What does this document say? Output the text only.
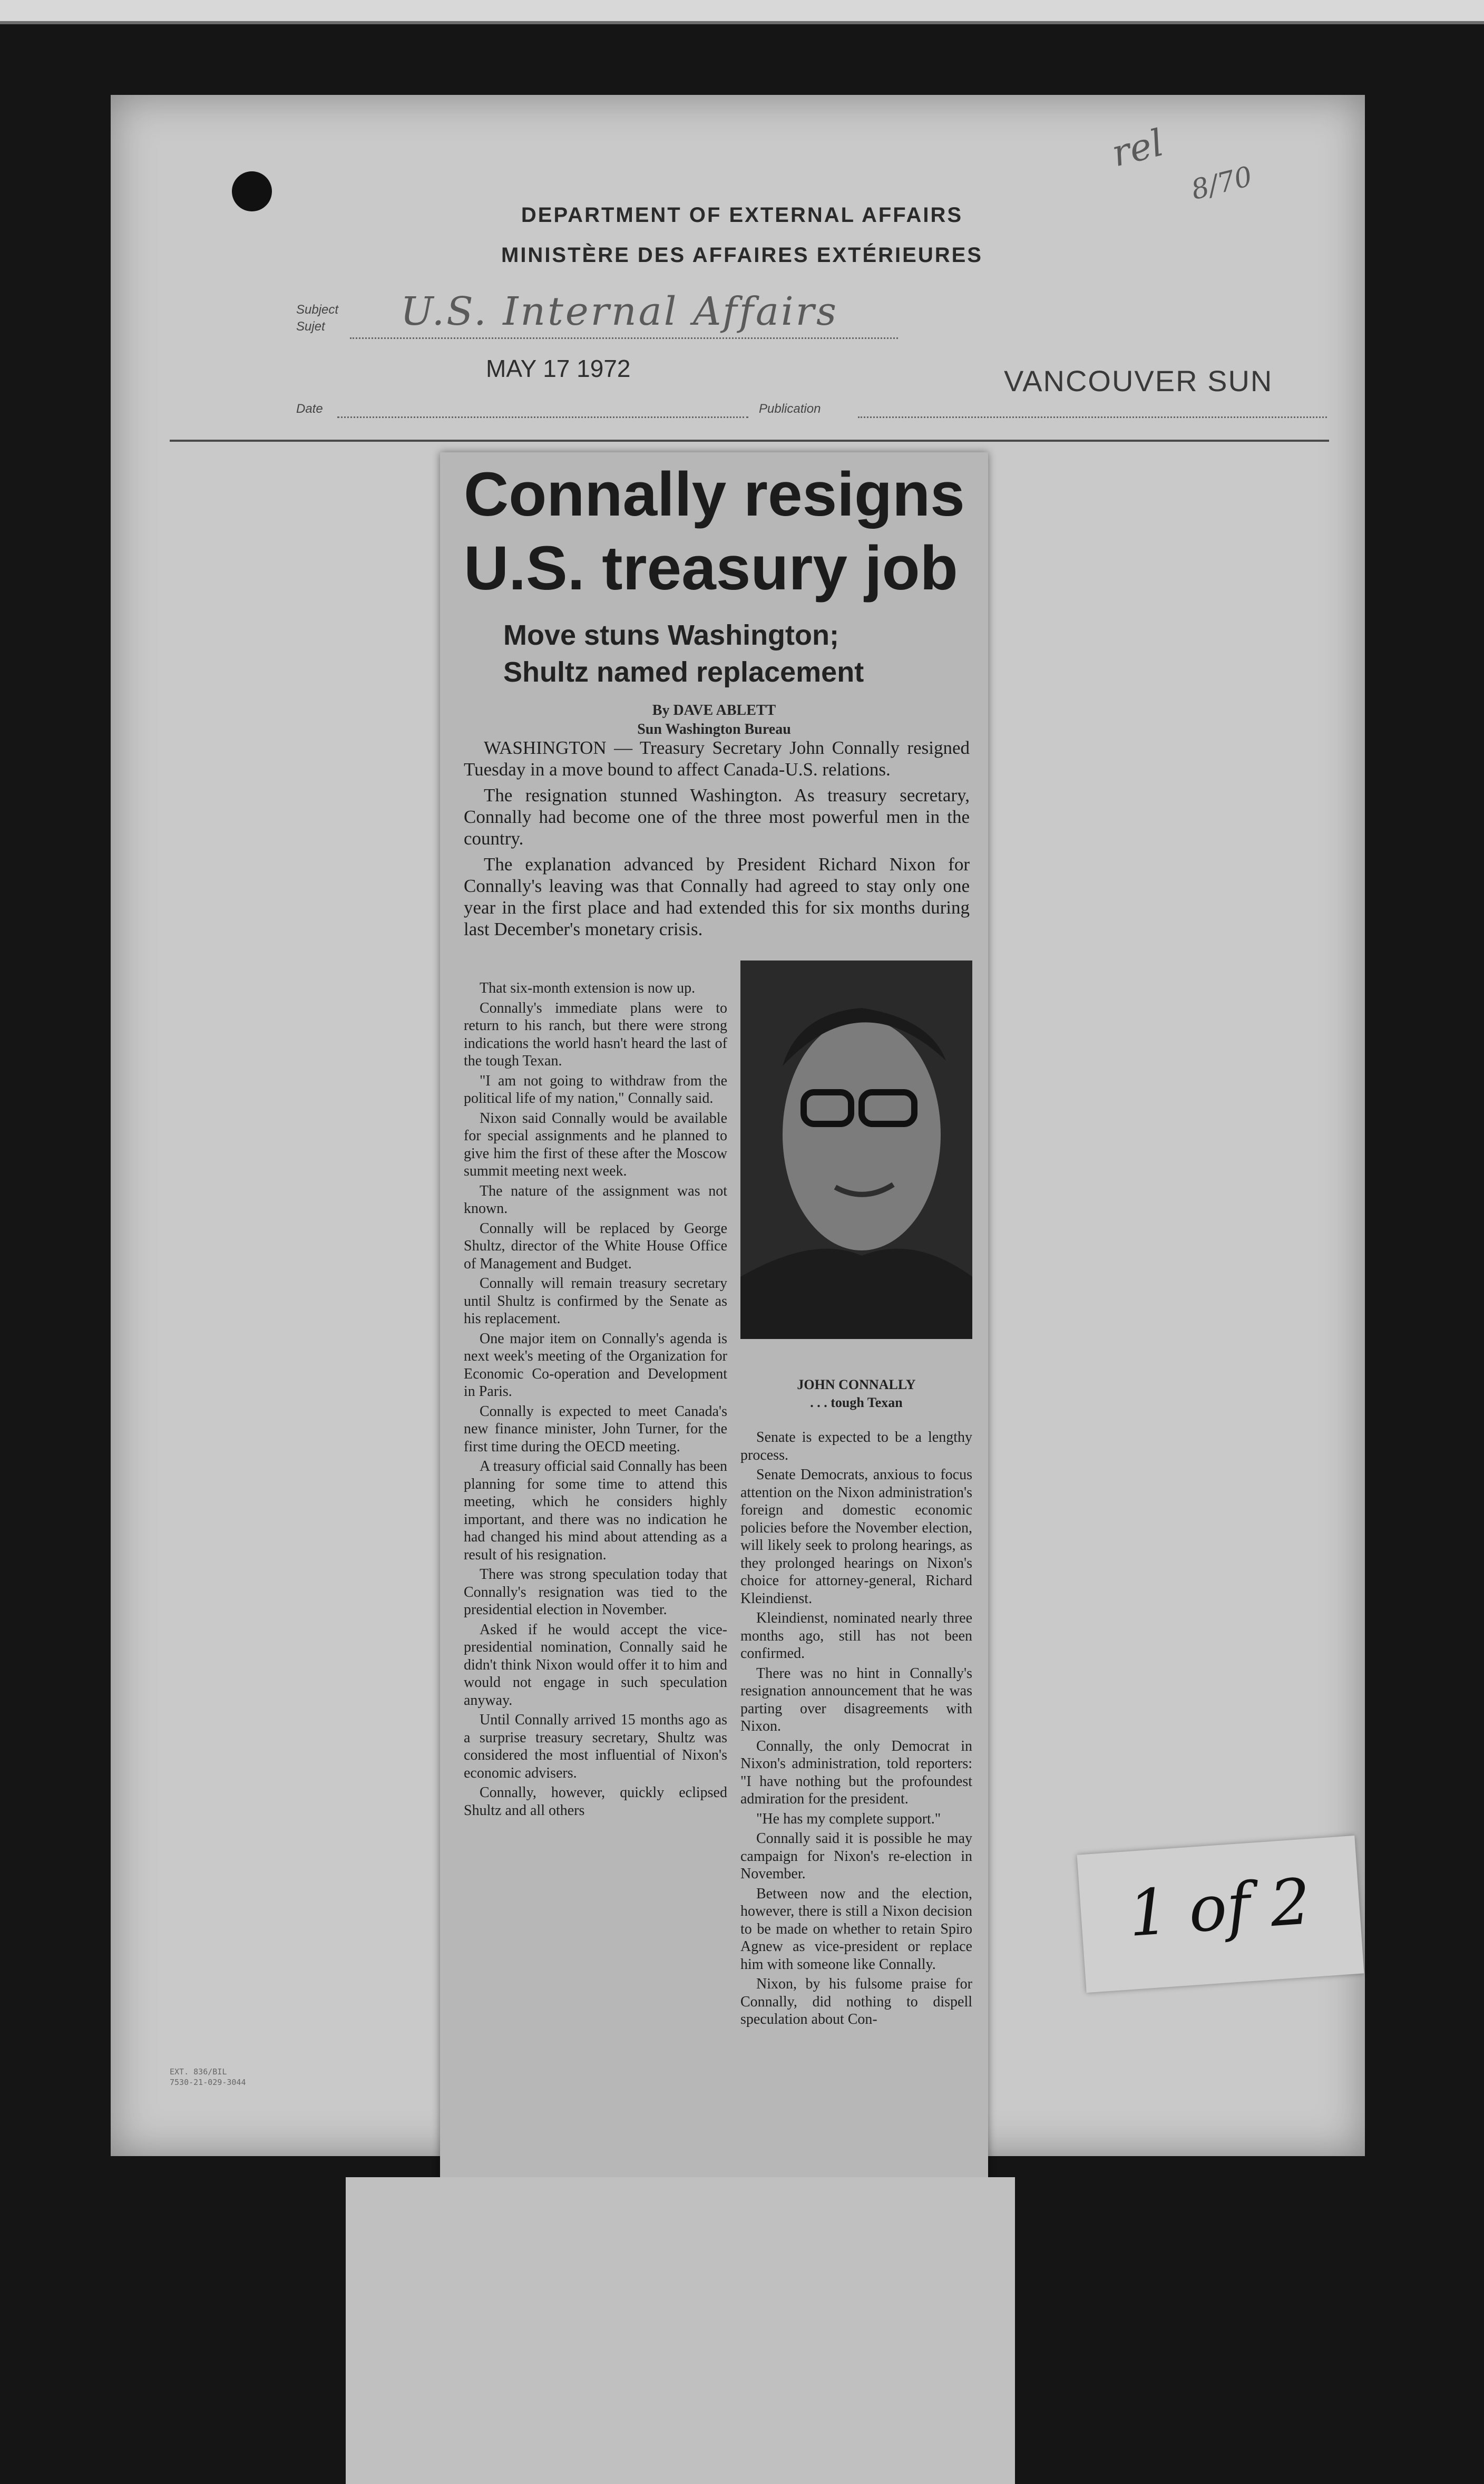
DEPARTMENT OF EXTERNAL AFFAIRS
MINISTÈRE DES AFFAIRES EXTÉRIEURES
rel
8/70
Subject
Sujet U.S. Internal Affairs
MAY 17 1972	VANCOUVER SUN
Date	Publication
Connally resigns
U.S. treasury job
Move stuns Washington;
Shultz named replacement
By DAVE ABLETT
Sun Washington Bureau

WASHINGTON — Treasury Secretary John Connally resigned Tuesday in a move bound to affect Canada-U.S. relations.

The resignation stunned Washington. As treasury secretary, Connally had become one of the three most powerful men in the country.

The explanation advanced by President Richard Nixon for Connally's leaving was that Connally had agreed to stay only one year in the first place and had extended this for six months during last December's monetary crisis.

That six-month extension is now up.

Connally's immediate plans were to return to his ranch, but there were strong indications the world hasn't heard the last of the tough Texan.

"I am not going to withdraw from the political life of my nation," Connally said.

Nixon said Connally would be available for special assignments and he planned to give him the first of these after the Moscow summit meeting next week.

The nature of the assignment was not known.

Connally will be replaced by George Shultz, director of the White House Office of Management and Budget.

Connally will remain treasury secretary until Shultz is confirmed by the Senate as his replacement.

One major item on Connally's agenda is next week's meeting of the Organization for Economic Co-operation and Development in Paris.

Connally is expected to meet Canada's new finance minister, John Turner, for the first time during the OECD meeting.

A treasury official said Connally has been planning for some time to attend this meeting, which he considers highly important, and there was no indication he had changed his mind about attending as a result of his resignation.

There was strong speculation today that Connally's resignation was tied to the presidential election in November.

Asked if he would accept the vice-presidential nomination, Connally said he didn't think Nixon would offer it to him and would not engage in such speculation anyway.

Until Connally arrived 15 months ago as a surprise treasury secretary, Shultz was considered the most influential of Nixon's economic advisers.

Connally, however, quickly eclipsed Shultz and all others

JOHN CONNALLY
. . . tough Texan

Senate is expected to be a lengthy process.

Senate Democrats, anxious to focus attention on the Nixon administration's foreign and domestic economic policies before the November election, will likely seek to prolong hearings, as they prolonged hearings on Nixon's choice for attorney-general, Richard Kleindienst.

Kleindienst, nominated nearly three months ago, still has not been confirmed.

There was no hint in Connally's resignation announcement that he was parting over disagreements with Nixon.

Connally, the only Democrat in Nixon's administration, told reporters: "I have nothing but the profoundest admiration for the president.

"He has my complete support."

Connally said it is possible he may campaign for Nixon's re-election in November.

Between now and the election, however, there is still a Nixon decision to be made on whether to retain Spiro Agnew as vice-president or replace him with someone like Connally.

Nixon, by his fulsome praise for Connally, did nothing to dispell speculation about Con-

1 of 2
EXT. 836/BIL
7530-21-029-3044
